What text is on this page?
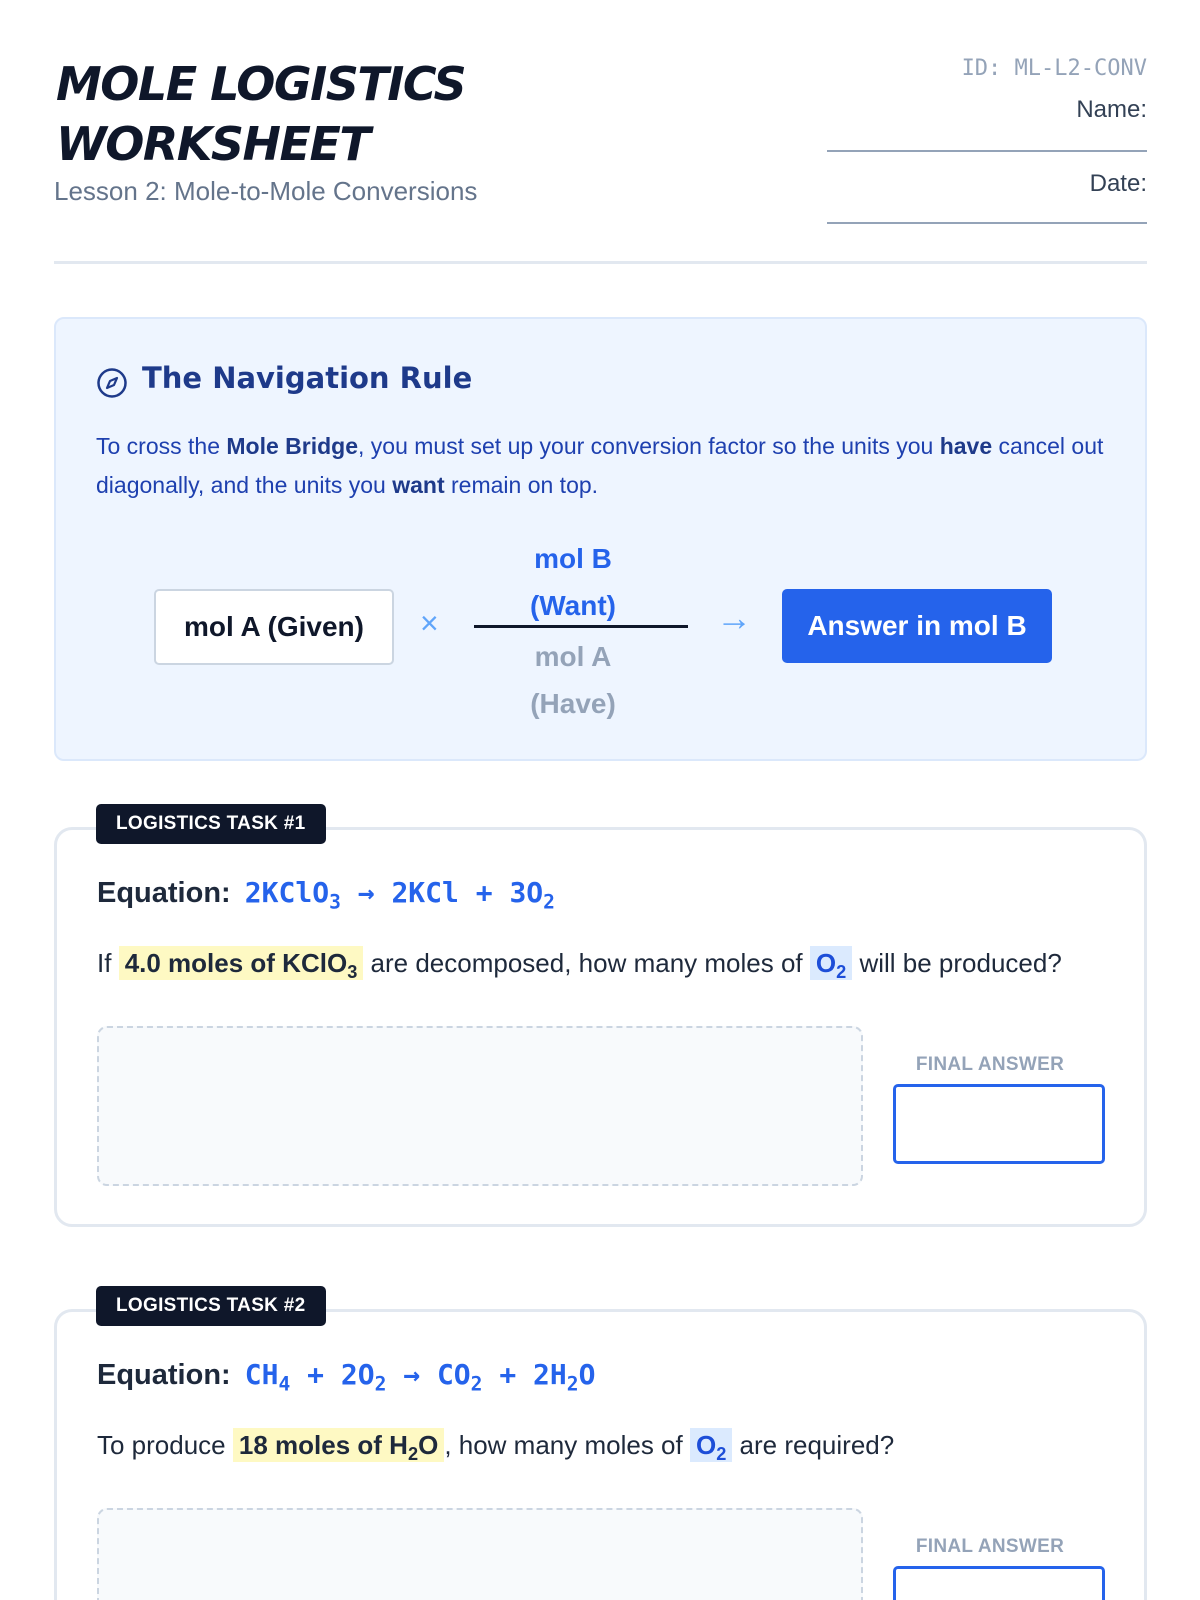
MOLE LOGISTICS
WORKSHEET
Lesson 2: Mole-to-Mole Conversions
ID: ML-L2-CONV
Name:
Date:
The Navigation Rule
To cross the Mole Bridge, you must set up your conversion factor so the units you have cancel out diagonally, and the units you want remain on top.
mol A (Given)	×
mol B
(Want)
mol A
(Have)
→	Answer in mol B
Equation: 2KClO$_3$ → $2KCl + 3O_2$
If 4.0 moles of KClO$_3$ are decomposed, how many moles of $O_2$ will be produced?
FINAL ANSWER
LOGISTICS TASK #1
Equation: $CH_4 + 2O_2 \to CO_2 + 2H_2O$
To produce 18 moles of $H_2O$ , how many moles of $O_2$ are required?
FINAL ANSWER
LOGISTICS TASK #2
